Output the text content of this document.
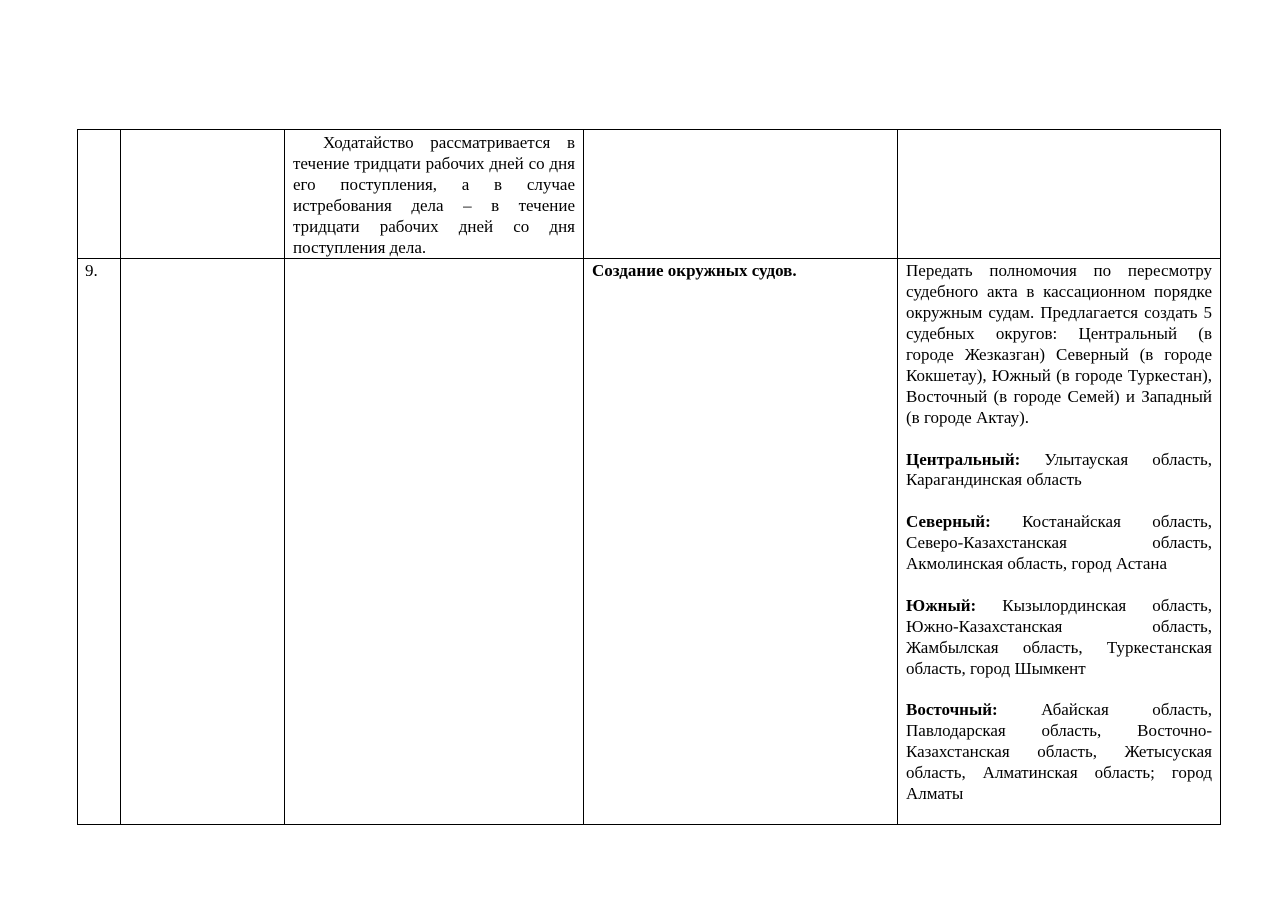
		Ходатайство рассматривается в течение тридцати рабочих дней со дня его поступления, а в случае истребования дела – в течение тридцати рабочих дней со дня поступления дела.		

9.			Создание окружных судов.	Передать полномочия по пересмотру судебного акта в кассационном порядке окружным судам. Предлагается создать 5 судебных округов: Центральный (в городе Жезказган) Северный (в городе Кокшетау), Южный (в городе Туркестан), Восточный (в городе Семей) и Западный (в городе Актау).

Центральный: Улытауская область, Карагандинская область

Северный: Костанайская область, Северо-Казахстанская область, Акмолинская область, город Астана

Южный: Кызылординская область, Южно-Казахстанская область, Жамбылская область, Туркестанская область, город Шымкент

Восточный: Абайская область, Павлодарская область, Восточно-Казахстанская область, Жетысуская область, Алматинская область; город Алматы
